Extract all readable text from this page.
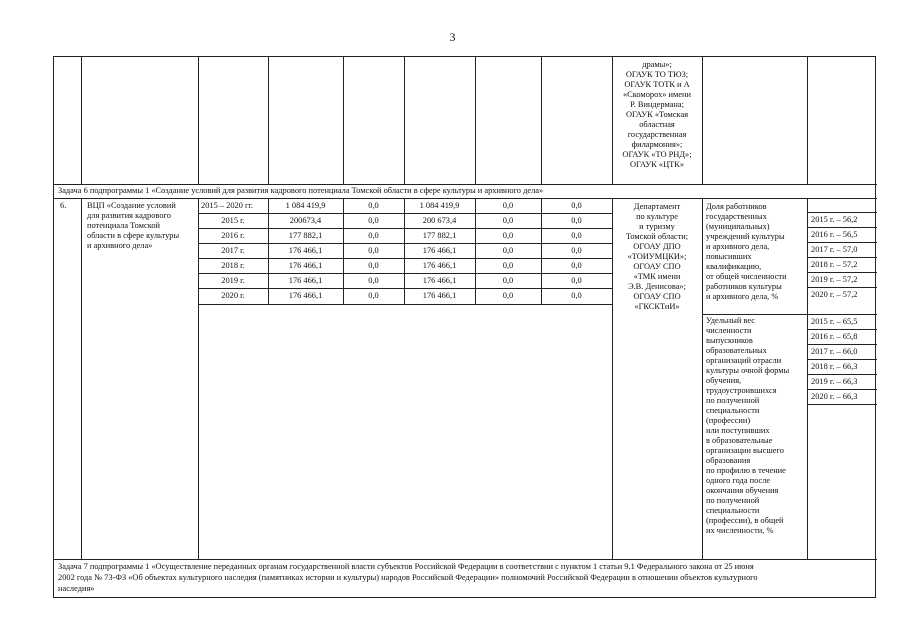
3
драмы»;
ОГАУК ТО ТЮЗ;
ОГАУК ТОТК и А
«Скоморох» имени
Р. Виндермана;
ОГАУК «Томская
областная
государственная
филармония»;
ОГАУК «ТО РНД»;
ОГАУК «ЦТК»
Задача 6 подпрограммы 1 «Создание условий для развития кадрового потенциала Томской области в сфере культуры и архивного дела»
6. ВЦП «Создание условий
для развития кадрового
потенциала Томской
области в сфере культуры
и архивного дела»
2015 – 2020 гг.	1 084 419,9	0,0	1 084 419,9	0,0	0,0
2015 г.	200673,4	0,0	200 673,4	0,0	0,0
2016 г.	177 882,1	0,0	177 882,1	0,0	0,0
2017 г.	176 466,1	0,0	176 466,1	0,0	0,0
2018 г.	176 466,1	0,0	176 466,1	0,0	0,0
2019 г.	176 466,1	0,0	176 466,1	0,0	0,0
2020 г.	176 466,1	0,0	176 466,1	0,0	0,0
Департамент
по культуре
и туризму
Томской области;
ОГОАУ ДПО
«ТОИУМЦКИ»;
ОГОАУ СПО
«ТМК имени
Э.В. Денисова»;
ОГОАУ СПО
«ГКСКТиИ»
Доля работников
государственных
(муниципальных)
учреждений культуры
и архивного дела,
повысивших
квалификацию,
от общей численности
работников культуры
и архивного дела, %
2015 г. – 56,2
2016 г. – 56,5
2017 г. – 57,0
2018 г. – 57,2
2019 г. – 57,2
2020 г. – 57,2
Удельный вес
численности
выпускников
образовательных
организаций отрасли
культуры очной формы
обучения,
трудоустроившихся
по полученной
специальности
(профессии)
или поступивших
в образовательные
организации высшего
образования
по профилю в течение
одного года после
окончания обучения
по полученной
специальности
(профессии), в общей
их численности, %
2015 г. – 65,5
2016 г. – 65,8
2017 г. – 66,0
2018 г. – 66,3
2019 г. – 66,3
2020 г. – 66,3
Задача 7 подпрограммы 1 «Осуществление переданных органам государственной власти субъектов Российской Федерации в соответствии с пунктом 1 статьи 9.1 Федерального закона от 25 июня
2002 года № 73-ФЗ «Об объектах культурного наследия (памятниках истории и культуры) народов Российской Федерации» полномочий Российской Федерации в отношении объектов культурного
наследия»
